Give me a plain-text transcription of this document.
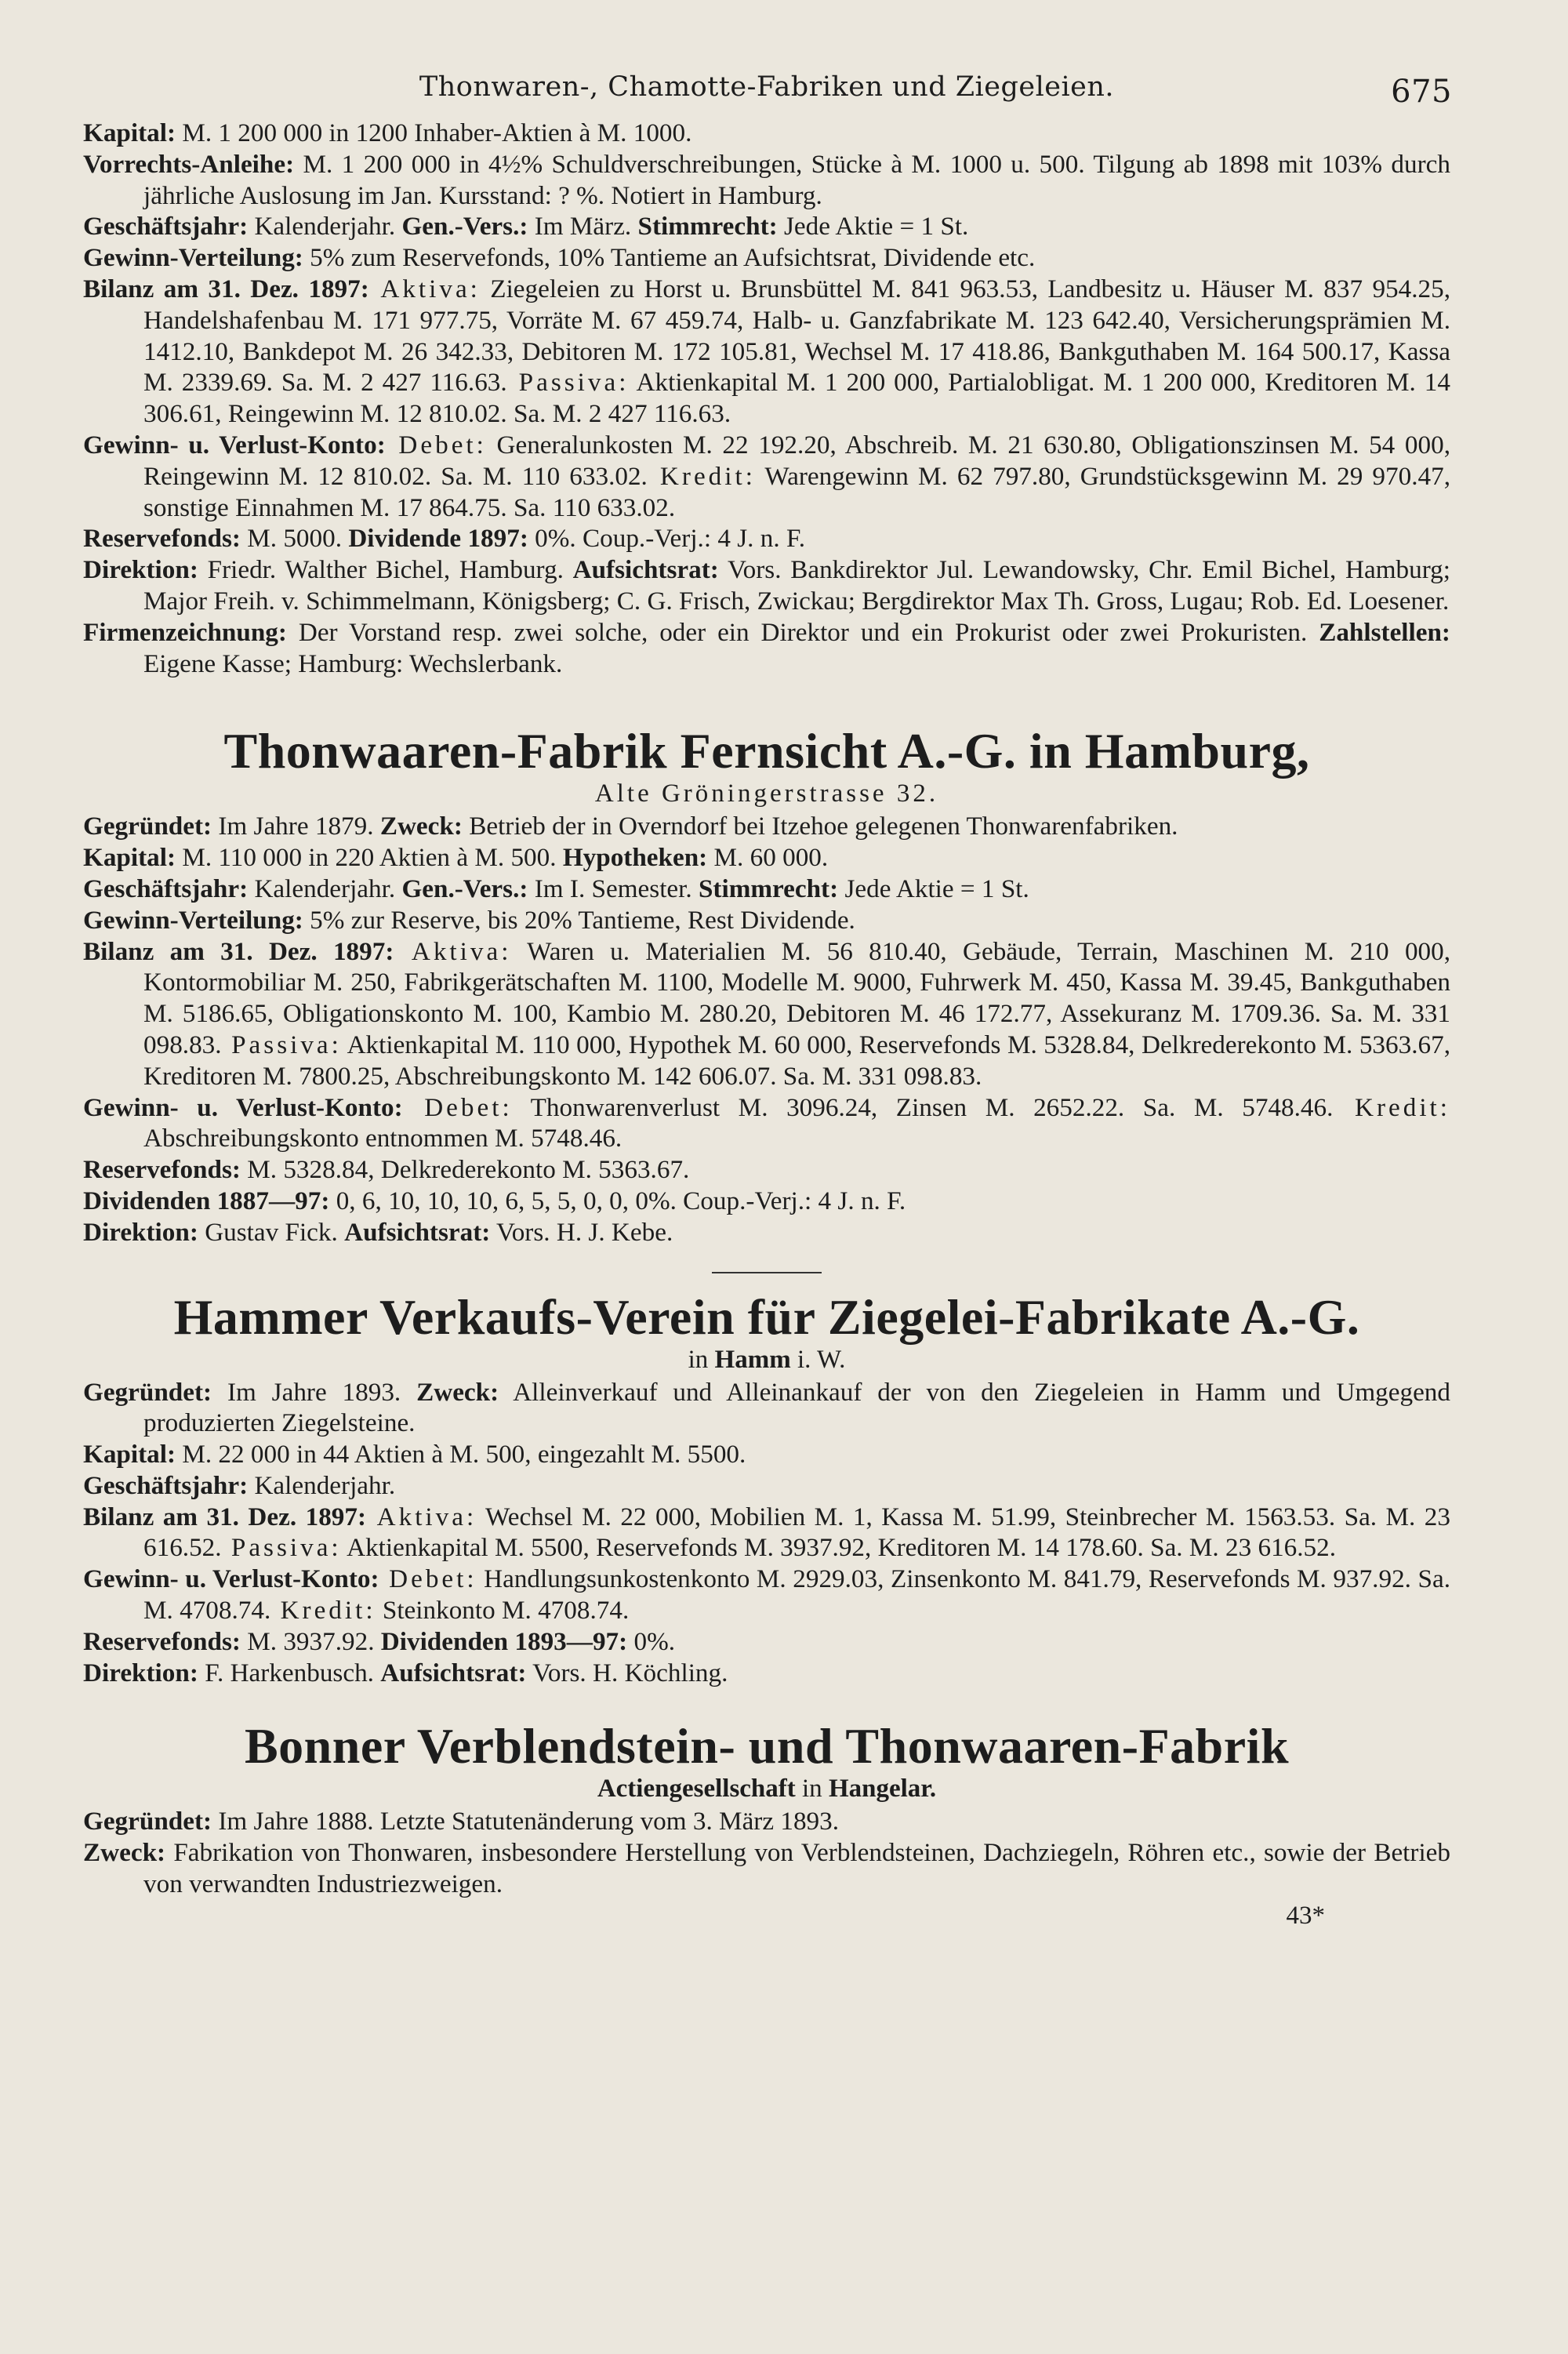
Thonwaren-, Chamotte-Fabriken und Ziegeleien.	675

Kapital: M. 1 200 000 in 1200 Inhaber-Aktien à M. 1000.

Vorrechts-Anleihe: M. 1 200 000 in 4½% Schuldverschreibungen, Stücke à M. 1000 u. 500. Tilgung ab 1898 mit 103% durch jährliche Auslosung im Jan. Kursstand: ? %. Notiert in Hamburg.

Geschäftsjahr: Kalenderjahr. Gen.-Vers.: Im März. Stimmrecht: Jede Aktie = 1 St.

Gewinn-Verteilung: 5% zum Reservefonds, 10% Tantieme an Aufsichtsrat, Dividende etc.

Bilanz am 31. Dez. 1897: Aktiva: Ziegeleien zu Horst u. Brunsbüttel M. 841 963.53, Landbesitz u. Häuser M. 837 954.25, Handelshafenbau M. 171 977.75, Vorräte M. 67 459.74, Halb- u. Ganzfabrikate M. 123 642.40, Versicherungsprämien M. 1412.10, Bankdepot M. 26 342.33, Debitoren M. 172 105.81, Wechsel M. 17 418.86, Bankguthaben M. 164 500.17, Kassa M. 2339.69. Sa. M. 2 427 116.63. Passiva: Aktienkapital M. 1 200 000, Partialobligat. M. 1 200 000, Kreditoren M. 14 306.61, Reingewinn M. 12 810.02. Sa. M. 2 427 116.63.

Gewinn- u. Verlust-Konto: Debet: Generalunkosten M. 22 192.20, Abschreib. M. 21 630.80, Obligationszinsen M. 54 000, Reingewinn M. 12 810.02. Sa. M. 110 633.02. Kredit: Warengewinn M. 62 797.80, Grundstücksgewinn M. 29 970.47, sonstige Einnahmen M. 17 864.75. Sa. 110 633.02.

Reservefonds: M. 5000. Dividende 1897: 0%. Coup.-Verj.: 4 J. n. F.

Direktion: Friedr. Walther Bichel, Hamburg. Aufsichtsrat: Vors. Bankdirektor Jul. Lewandowsky, Chr. Emil Bichel, Hamburg; Major Freih. v. Schimmelmann, Königsberg; C. G. Frisch, Zwickau; Bergdirektor Max Th. Gross, Lugau; Rob. Ed. Loesener.

Firmenzeichnung: Der Vorstand resp. zwei solche, oder ein Direktor und ein Prokurist oder zwei Prokuristen. Zahlstellen: Eigene Kasse; Hamburg: Wechslerbank.

Thonwaaren-Fabrik Fernsicht A.-G. in Hamburg,

Alte Gröningerstrasse 32.

Gegründet: Im Jahre 1879. Zweck: Betrieb der in Overndorf bei Itzehoe gelegenen Thonwarenfabriken.

Kapital: M. 110 000 in 220 Aktien à M. 500. Hypotheken: M. 60 000.

Geschäftsjahr: Kalenderjahr. Gen.-Vers.: Im I. Semester. Stimmrecht: Jede Aktie = 1 St.

Gewinn-Verteilung: 5% zur Reserve, bis 20% Tantieme, Rest Dividende.

Bilanz am 31. Dez. 1897: Aktiva: Waren u. Materialien M. 56 810.40, Gebäude, Terrain, Maschinen M. 210 000, Kontormobiliar M. 250, Fabrikgerätschaften M. 1100, Modelle M. 9000, Fuhrwerk M. 450, Kassa M. 39.45, Bankguthaben M. 5186.65, Obligationskonto M. 100, Kambio M. 280.20, Debitoren M. 46 172.77, Assekuranz M. 1709.36. Sa. M. 331 098.83. Passiva: Aktienkapital M. 110 000, Hypothek M. 60 000, Reservefonds M. 5328.84, Delkrederekonto M. 5363.67, Kreditoren M. 7800.25, Abschreibungskonto M. 142 606.07. Sa. M. 331 098.83.

Gewinn- u. Verlust-Konto: Debet: Thonwarenverlust M. 3096.24, Zinsen M. 2652.22. Sa. M. 5748.46. Kredit: Abschreibungskonto entnommen M. 5748.46.

Reservefonds: M. 5328.84, Delkrederekonto M. 5363.67.

Dividenden 1887—97: 0, 6, 10, 10, 10, 6, 5, 5, 0, 0, 0%. Coup.-Verj.: 4 J. n. F.

Direktion: Gustav Fick. Aufsichtsrat: Vors. H. J. Kebe.

Hammer Verkaufs-Verein für Ziegelei-Fabrikate A.-G.

in Hamm i. W.

Gegründet: Im Jahre 1893. Zweck: Alleinverkauf und Alleinankauf der von den Ziegeleien in Hamm und Umgegend produzierten Ziegelsteine.

Kapital: M. 22 000 in 44 Aktien à M. 500, eingezahlt M. 5500.

Geschäftsjahr: Kalenderjahr.

Bilanz am 31. Dez. 1897: Aktiva: Wechsel M. 22 000, Mobilien M. 1, Kassa M. 51.99, Steinbrecher M. 1563.53. Sa. M. 23 616.52. Passiva: Aktienkapital M. 5500, Reservefonds M. 3937.92, Kreditoren M. 14 178.60. Sa. M. 23 616.52.

Gewinn- u. Verlust-Konto: Debet: Handlungsunkostenkonto M. 2929.03, Zinsenkonto M. 841.79, Reservefonds M. 937.92. Sa. M. 4708.74. Kredit: Steinkonto M. 4708.74.

Reservefonds: M. 3937.92. Dividenden 1893—97: 0%.

Direktion: F. Harkenbusch. Aufsichtsrat: Vors. H. Köchling.

Bonner Verblendstein- und Thonwaaren-Fabrik

Actiengesellschaft in Hangelar.

Gegründet: Im Jahre 1888. Letzte Statutenänderung vom 3. März 1893.

Zweck: Fabrikation von Thonwaren, insbesondere Herstellung von Verblendsteinen, Dachziegeln, Röhren etc., sowie der Betrieb von verwandten Industriezweigen.

43*
